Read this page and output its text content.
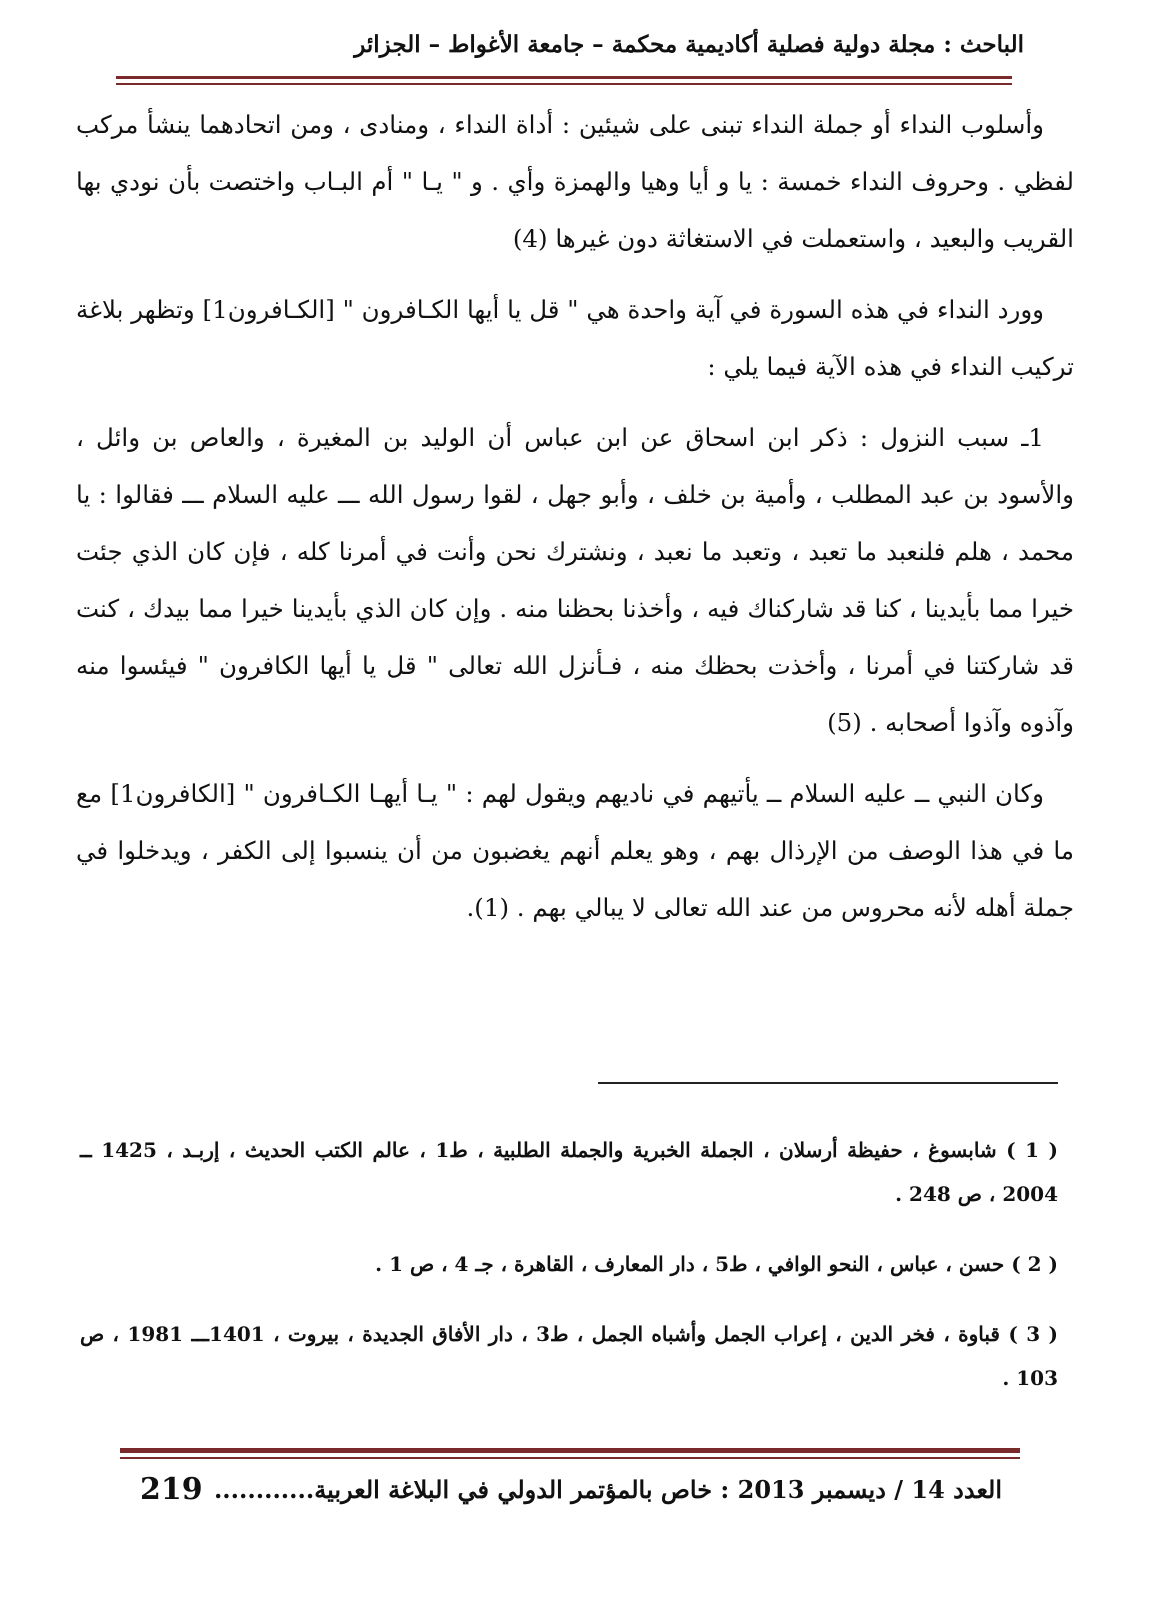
الباحث : مجلة دولية فصلية أكاديمية محكمة – جامعة الأغواط – الجزائر

وأسلوب النداء أو جملة النداء تبنى على شيئين : أداة النداء ، ومنادى ، ومن اتحادهما ينشأ مركب لفظي . وحروف النداء خمسة : يا و أيا وهيا والهمزة وأي . و " يـا " أم البـاب واختصت بأن نودي بها القريب والبعيد ، واستعملت في الاستغاثة دون غيرها (4)

وورد النداء في هذه السورة في آية واحدة هي " قل يا أيها الكـافرون " [الكـافرون1] وتظهر بلاغة تركيب النداء في هذه الآية فيما يلي :

1ـ سبب النزول : ذكر ابن اسحاق عن ابن عباس أن الوليد بن المغيرة ، والعاص بن وائل ، والأسود بن عبد المطلب ، وأمية بن خلف ، وأبو جهل ، لقوا رسول الله ـــ عليه السلام ـــ فقالوا : يا محمد ، هلم فلنعبد ما تعبد ، وتعبد ما نعبد ، ونشترك نحن وأنت في أمرنا كله ، فإن كان الذي جئت خيرا مما بأيدينا ، كنا قد شاركناك فيه ، وأخذنا بحظنا منه . وإن كان الذي بأيدينا خيرا مما بيدك ، كنت قد شاركتنا في أمرنا ، وأخذت بحظك منه ، فـأنزل الله تعالى " قل يا أيها الكافرون " فيئسوا منه وآذوه وآذوا أصحابه . (5)

وكان النبي ــ عليه السلام ــ يأتيهم في ناديهم ويقول لهم : " يـا أيهـا الكـافرون " [الكافرون1] مع ما في هذا الوصف من الإرذال بهم ، وهو يعلم أنهم يغضبون من أن ينسبوا إلى الكفر ، ويدخلوا في جملة أهله لأنه محروس من عند الله تعالى لا يبالي بهم . (1).

( 1 ) شابسوغ ، حفيظة أرسلان ، الجملة الخبرية والجملة الطلبية ، ط1 ، عالم الكتب الحديث ، إربـد ، 1425 ــ 2004 ، ص 248 .

( 2 ) حسن ، عباس ، النحو الوافي ، ط5 ، دار المعارف ، القاهرة ، جـ 4 ، ص 1 .

( 3 ) قباوة ، فخر الدين ، إعراب الجمل وأشباه الجمل ، ط3 ، دار الأفاق الجديدة ، بيروت ، 1401ـــ 1981 ، ص 103 .

العدد 14 / ديسمبر 2013 : خاص بالمؤتمر الدولي في البلاغة العربية............
219
